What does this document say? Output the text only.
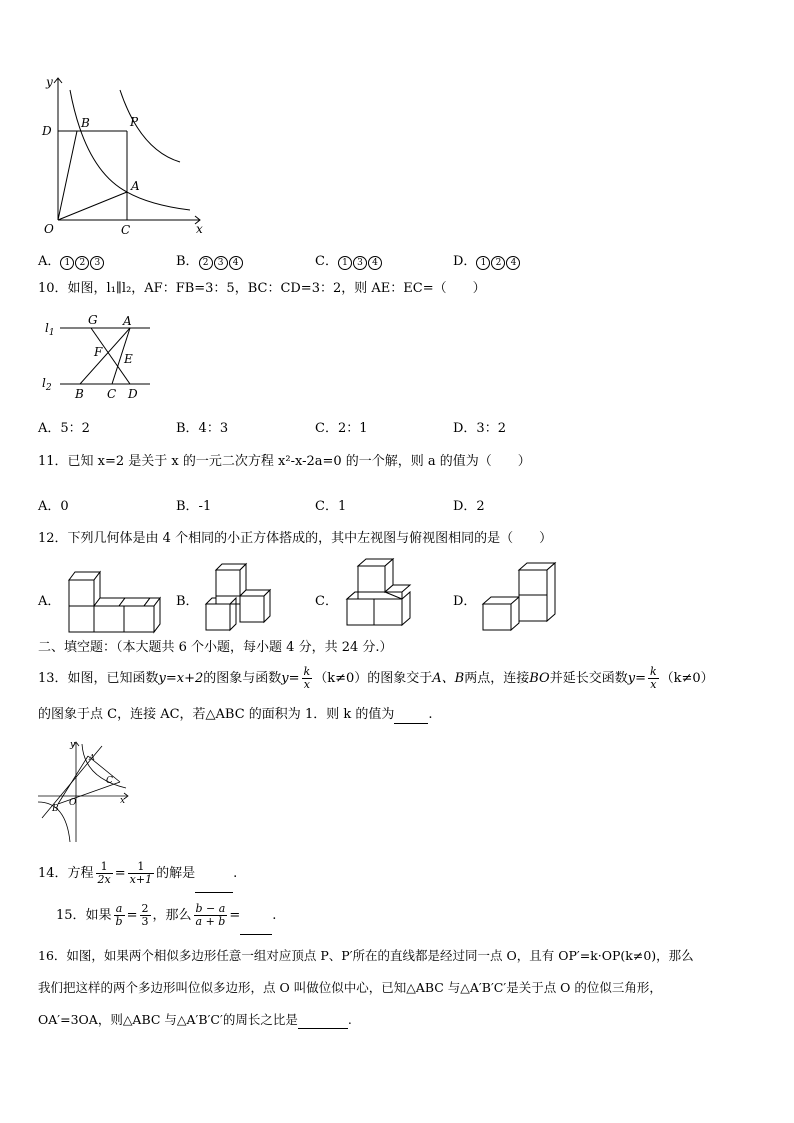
y
x
O
B	P
D
A
C
A． 1 2 3	B． 2 3 4	C． 1 3 4	D． 1 2 4
10．如图，l₁∥l₂，AF：FB=3：5，BC：CD=3：2，则 AE：EC=（　　）
$l_1$
$l_2$
G A
F E
B C D
A．5：2	B．4：3	C．2：1	D．3：2
11．已知 x=2 是关于 x 的一元二次方程 x²-x-2a=0 的一个解，则 a 的值为（　　）
A．0	B．-1	C．1	D．2
12．下列几何体是由 4 个相同的小正方体搭成的，其中左视图与俯视图相同的是（　　）
A．	B．	C．	D．
二、填空题：（本大题共 6 个小题，每小题 4 分，共 24 分.）
13．如图，已知函数y=x+2的图象与函数$y= \frac{k}{x} (k\ne 0)$的图象交于A、B两点，连接BO并延长交函数$y= \frac{k}{x} (k\ne 0)$
的图象于点 C，连接 AC，若△ABC 的面积为 1．则 k 的值为	.
y
A
C
B
O	x
14．方程 $\frac{1}{2x} = \frac{1}{x+1}$ 的解是	.
15．如果 $\frac{a}{b} = \frac{2}{3}$ ，那么 $\frac{b - a}{a + b}$ = .
16．如图，如果两个相似多边形任意一组对应顶点 P、P′所在的直线都是经过同一点 O，且有 OP′=k·OP(k≠0)，那么
我们把这样的两个多边形叫位似多边形，点 O 叫做位似中心，已知△ABC 与△A′B′C′是关于点 O 的位似三角形，
OA′=3OA，则△ABC 与△A′B′C′的周长之比是	.
